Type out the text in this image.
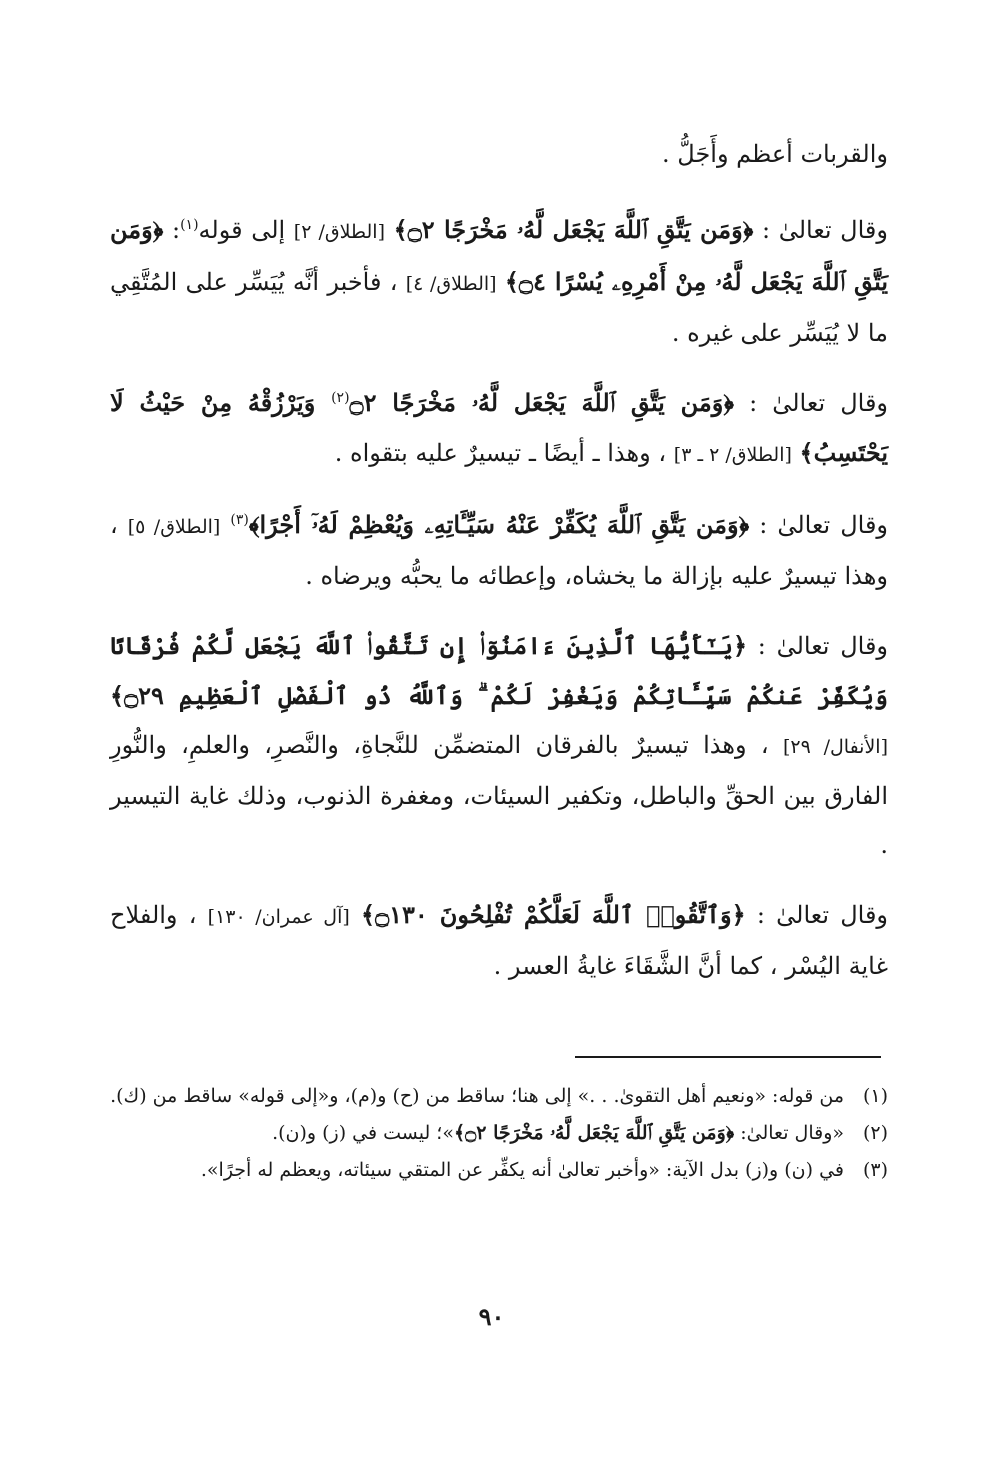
والقربات أعظم وأَجَلُّ .

وقال تعالىٰ : ﴿وَمَن يَتَّقِ ٱللَّهَ يَجْعَل لَّهُۥ مَخْرَجًا ۝٢﴾ [الطلاق/ ٢] إلى قوله$^{(١)}$: ﴿وَمَن يَتَّقِ ٱللَّهَ يَجْعَل لَّهُۥ مِنْ أَمْرِهِۦ يُسْرًا ۝٤﴾ [الطلاق/ ٤] ، فأخبر أنَّه يُيَسِّر على المُتَّقِي ما لا يُيَسِّر على غيره .

وقال تعالىٰ : ﴿وَمَن يَتَّقِ ٱللَّهَ يَجْعَل لَّهُۥ مَخْرَجًا ۝٢$^{(٢)}$ وَيَرْزُقْهُ مِنْ حَيْثُ لَا يَحْتَسِبُ﴾ [الطلاق/ ٢ ـ ٣] ، وهذا ـ أيضًا ـ تيسيرٌ عليه بتقواه .

وقال تعالىٰ : ﴿وَمَن يَتَّقِ ٱللَّهَ يُكَفِّرْ عَنْهُ سَيِّـَٔاتِهِۦ وَيُعْظِمْ لَهُۥٓ أَجْرًا﴾$^{(٣)}$ [الطلاق/ ٥] ، وهذا تيسيرٌ عليه بإزالة ما يخشاه، وإعطائه ما يحبُّه ويرضاه .

وقال تعالىٰ : ﴿يَـٰٓأَيُّهَا ٱلَّذِينَ ءَامَنُوٓا۟ إِن تَتَّقُوا۟ ٱللَّهَ يَجْعَل لَّكُمْ فُرْقَانًا وَيُكَفِّرْ عَنكُمْ سَيِّـَٔاتِكُمْ وَيَغْفِرْ لَكُمْ ۗ وَٱللَّهُ ذُو ٱلْفَضْلِ ٱلْعَظِيمِ ۝٢٩﴾ [الأنفال/ ٢٩] ، وهذا تيسيرٌ بالفرقان المتضمِّن للنَّجاةِ، والنَّصرِ، والعلمِ، والنُّورِ الفارق بين الحقِّ والباطل، وتكفير السيئات، ومغفرة الذنوب، وذلك غاية التيسير .

وقال تعالىٰ : ﴿وَٱتَّقُوا۟ ٱللَّهَ لَعَلَّكُمْ تُفْلِحُونَ ۝١٣٠﴾ [آل عمران/ ١٣٠] ، والفلاح غاية اليُسْر ، كما أنَّ الشَّقَاءَ غايةُ العسر .

(١)
من قوله: «ونعيم أهل التقوىٰ. . .» إلى هنا؛ ساقط من (ح) و(م)، و«إلى قوله» ساقط من (ك).
(٢)
«وقال تعالىٰ: ﴿وَمَن يَتَّقِ ٱللَّهَ يَجْعَل لَّهُۥ مَخْرَجًا ۝٢﴾»؛ ليست في (ز) و(ن).
(٣)
في (ن) و(ز) بدل الآية: «وأخبر تعالىٰ أنه يكفِّر عن المتقي سيئاته، ويعظم له أجرًا».
٩٠
